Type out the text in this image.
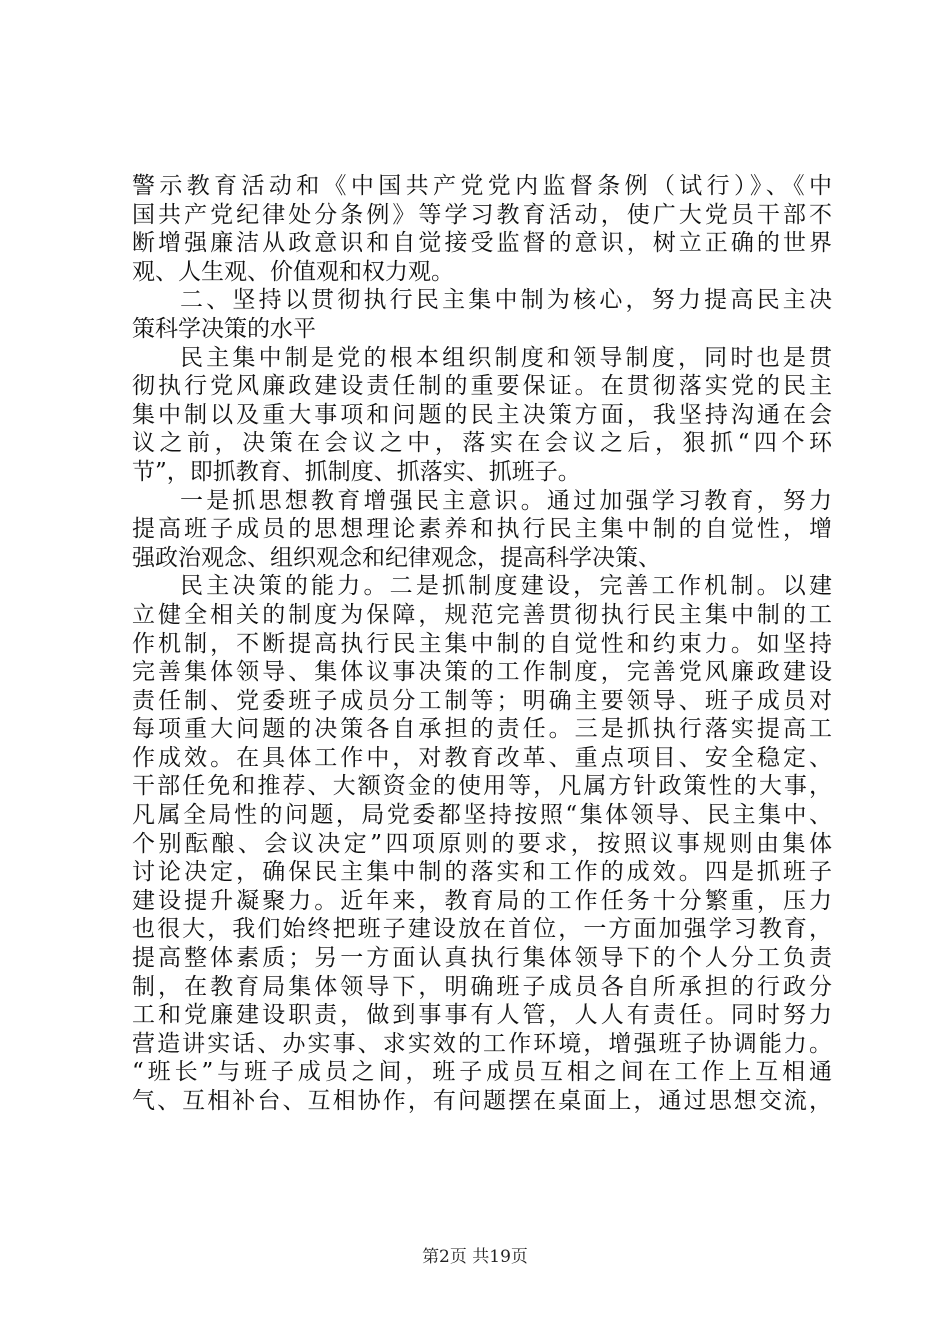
警示教育活动和《中国共产党党内监督条例（试行）》、《中
国共产党纪律处分条例》等学习教育活动，使广大党员干部不
断增强廉洁从政意识和自觉接受监督的意识，树立正确的世界
观、人生观、价值观和权力观。
二、坚持以贯彻执行民主集中制为核心，努力提高民主决
策科学决策的水平
民主集中制是党的根本组织制度和领导制度，同时也是贯
彻执行党风廉政建设责任制的重要保证。在贯彻落实党的民主
集中制以及重大事项和问题的民主决策方面，我坚持沟通在会
议之前，决策在会议之中，落实在会议之后，狠抓“四个环
节”，即抓教育、抓制度、抓落实、抓班子。
一是抓思想教育增强民主意识。通过加强学习教育，努力
提高班子成员的思想理论素养和执行民主集中制的自觉性，增
强政治观念、组织观念和纪律观念，提高科学决策、
民主决策的能力。二是抓制度建设，完善工作机制。以建
立健全相关的制度为保障，规范完善贯彻执行民主集中制的工
作机制，不断提高执行民主集中制的自觉性和约束力。如坚持
完善集体领导、集体议事决策的工作制度，完善党风廉政建设
责任制、党委班子成员分工制等；明确主要领导、班子成员对
每项重大问题的决策各自承担的责任。三是抓执行落实提高工
作成效。在具体工作中，对教育改革、重点项目、安全稳定、
干部任免和推荐、大额资金的使用等，凡属方针政策性的大事，
凡属全局性的问题，局党委都坚持按照“集体领导、民主集中、
个别酝酿、会议决定”四项原则的要求，按照议事规则由集体
讨论决定，确保民主集中制的落实和工作的成效。四是抓班子
建设提升凝聚力。近年来，教育局的工作任务十分繁重，压力
也很大，我们始终把班子建设放在首位，一方面加强学习教育，
提高整体素质；另一方面认真执行集体领导下的个人分工负责
制，在教育局集体领导下，明确班子成员各自所承担的行政分
工和党廉建设职责，做到事事有人管，人人有责任。同时努力
营造讲实话、办实事、求实效的工作环境，增强班子协调能力。
“班长”与班子成员之间，班子成员互相之间在工作上互相通
气、互相补台、互相协作，有问题摆在桌面上，通过思想交流，
第2页 共19页
